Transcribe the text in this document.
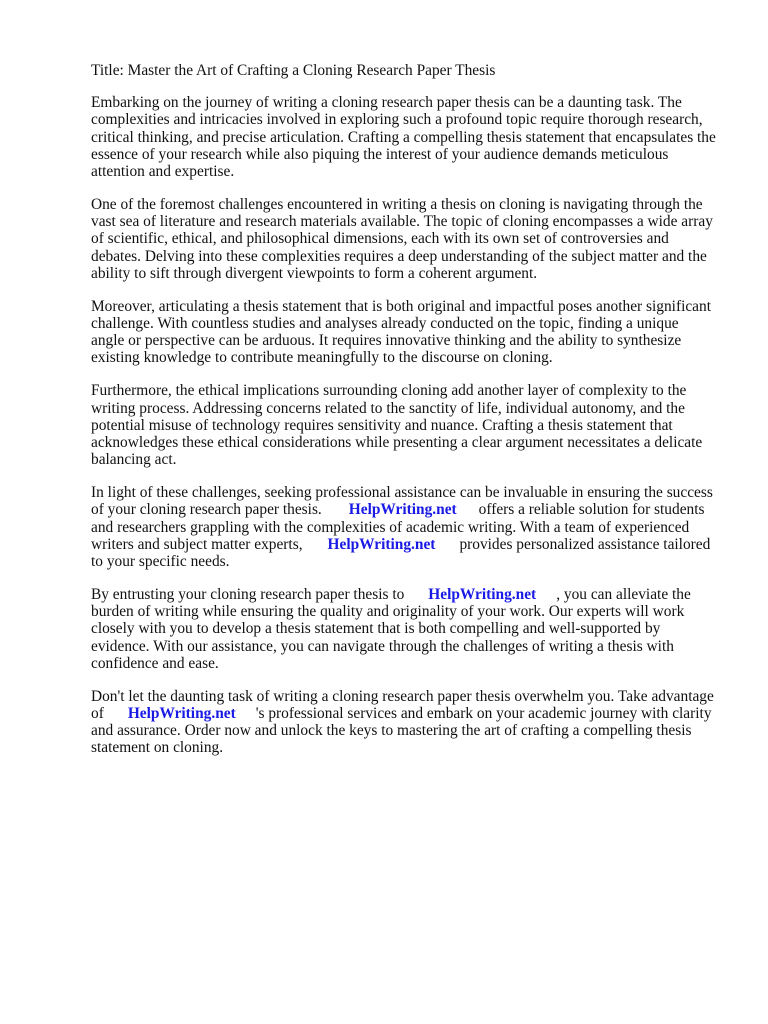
Title: Master the Art of Crafting a Cloning Research Paper Thesis
Embarking on the journey of writing a cloning research paper thesis can be a daunting task. The
complexities and intricacies involved in exploring such a profound topic require thorough research,
critical thinking, and precise articulation. Crafting a compelling thesis statement that encapsulates the
essence of your research while also piquing the interest of your audience demands meticulous
attention and expertise.
One of the foremost challenges encountered in writing a thesis on cloning is navigating through the
vast sea of literature and research materials available. The topic of cloning encompasses a wide array
of scientific, ethical, and philosophical dimensions, each with its own set of controversies and
debates. Delving into these complexities requires a deep understanding of the subject matter and the
ability to sift through divergent viewpoints to form a coherent argument.
Moreover, articulating a thesis statement that is both original and impactful poses another significant
challenge. With countless studies and analyses already conducted on the topic, finding a unique
angle or perspective can be arduous. It requires innovative thinking and the ability to synthesize
existing knowledge to contribute meaningfully to the discourse on cloning.
Furthermore, the ethical implications surrounding cloning add another layer of complexity to the
writing process. Addressing concerns related to the sanctity of life, individual autonomy, and the
potential misuse of technology requires sensitivity and nuance. Crafting a thesis statement that
acknowledges these ethical considerations while presenting a clear argument necessitates a delicate
balancing act.
In light of these challenges, seeking professional assistance can be invaluable in ensuring the success
of your cloning research paper thesis. HelpWriting.net offers a reliable solution for students
and researchers grappling with the complexities of academic writing. With a team of experienced
writers and subject matter experts, HelpWriting.net provides personalized assistance tailored
to your specific needs.
By entrusting your cloning research paper thesis to HelpWriting.net , you can alleviate the
burden of writing while ensuring the quality and originality of your work. Our experts will work
closely with you to develop a thesis statement that is both compelling and well-supported by
evidence. With our assistance, you can navigate through the challenges of writing a thesis with
confidence and ease.
Don't let the daunting task of writing a cloning research paper thesis overwhelm you. Take advantage
of HelpWriting.net 's professional services and embark on your academic journey with clarity
and assurance. Order now and unlock the keys to mastering the art of crafting a compelling thesis
statement on cloning.
